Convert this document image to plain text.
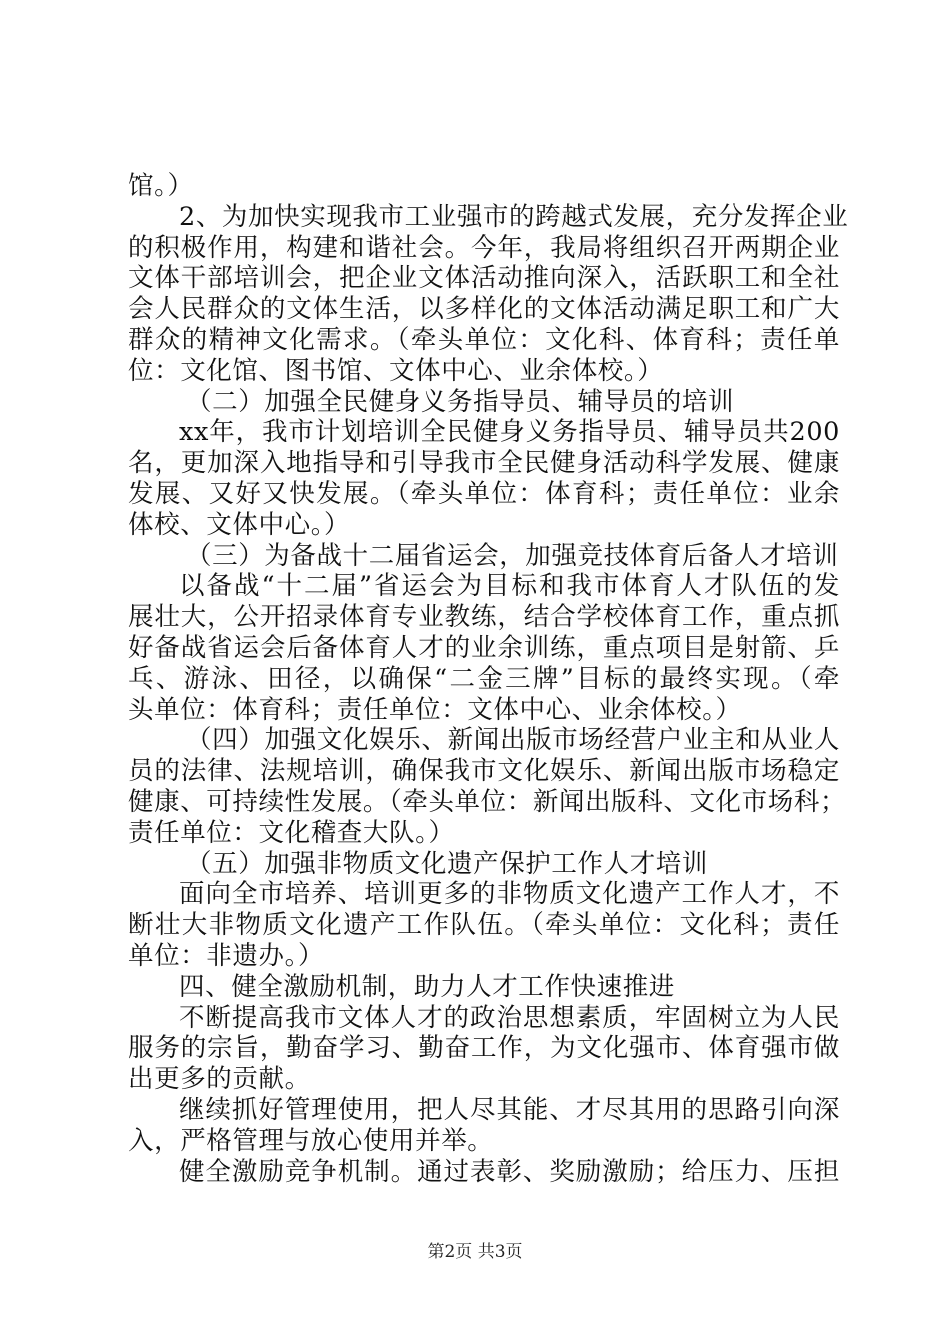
馆。）
2、为加快实现我市工业强市的跨越式发展，充分发挥企业
的积极作用，构建和谐社会。今年，我局将组织召开两期企业
文体干部培训会，把企业文体活动推向深入，活跃职工和全社
会人民群众的文体生活，以多样化的文体活动满足职工和广大
群众的精神文化需求。（牵头单位：文化科、体育科；责任单
位：文化馆、图书馆、文体中心、业余体校。）
（二）加强全民健身义务指导员、辅导员的培训
xx年，我市计划培训全民健身义务指导员、辅导员共200
名，更加深入地指导和引导我市全民健身活动科学发展、健康
发展、又好又快发展。（牵头单位：体育科；责任单位：业余
体校、文体中心。）
（三）为备战十二届省运会，加强竞技体育后备人才培训
以备战“十二届”省运会为目标和我市体育人才队伍的发
展壮大，公开招录体育专业教练，结合学校体育工作，重点抓
好备战省运会后备体育人才的业余训练，重点项目是射箭、乒
乓、游泳、田径，以确保“二金三牌”目标的最终实现。（牵
头单位：体育科；责任单位：文体中心、业余体校。）
（四）加强文化娱乐、新闻出版市场经营户业主和从业人
员的法律、法规培训，确保我市文化娱乐、新闻出版市场稳定
健康、可持续性发展。（牵头单位：新闻出版科、文化市场科；
责任单位：文化稽查大队。）
（五）加强非物质文化遗产保护工作人才培训
面向全市培养、培训更多的非物质文化遗产工作人才，不
断壮大非物质文化遗产工作队伍。（牵头单位：文化科；责任
单位：非遗办。）
四、健全激励机制，助力人才工作快速推进
不断提高我市文体人才的政治思想素质，牢固树立为人民
服务的宗旨，勤奋学习、勤奋工作，为文化强市、体育强市做
出更多的贡献。
继续抓好管理使用，把人尽其能、才尽其用的思路引向深
入，严格管理与放心使用并举。
健全激励竞争机制。通过表彰、奖励激励；给压力、压担
第2页 共3页
